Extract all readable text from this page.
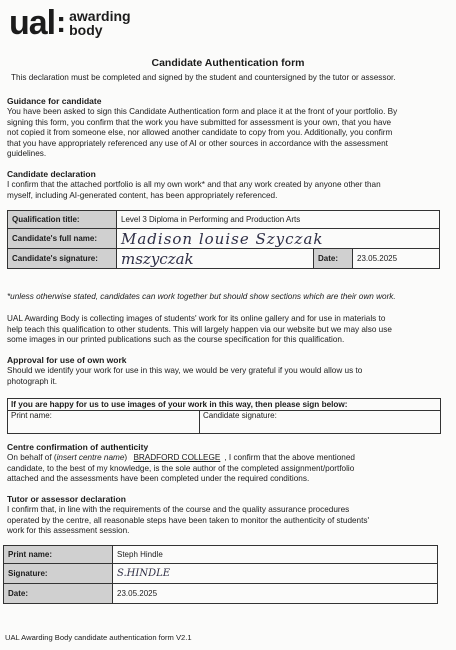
ual : awarding
body
Candidate Authentication form
This declaration must be completed and signed by the student and countersigned by the tutor or assessor.
Guidance for candidate
You have been asked to sign this Candidate Authentication form and place it at the front of your portfolio. By
signing this form, you confirm that the work you have submitted for assessment is your own, that you have
not copied it from someone else, nor allowed another candidate to copy from you. Additionally, you confirm
that you have appropriately referenced any use of AI or other sources in accordance with the assessment
guidelines.
Candidate declaration
I confirm that the attached portfolio is all my own work* and that any work created by anyone other than
myself, including AI-generated content, has been appropriately referenced.
Qualification title:	Level 3 Diploma in Performing and Production Arts		
Candidate's full name:	Madison louise Szyczak		
Candidate's signature:	mszyczak	Date:	23.05.2025
*unless otherwise stated, candidates can work together but should show sections which are their own work.
UAL Awarding Body is collecting images of students' work for its online gallery and for use in materials to
help teach this qualification to other students. This will largely happen via our website but we may also use
some images in our printed publications such as the course specification for this qualification.
Approval for use of own work
Should we identify your work for use in this way, we would be very grateful if you would allow us to
photograph it.
If you are happy for us to use images of your work in this way, then please sign below:
Print name:	Candidate signature:
Centre confirmation of authenticity
On behalf of (insert centre name) BRADFORD COLLEGE , I confirm that the above mentioned
candidate, to the best of my knowledge, is the sole author of the completed assignment/portfolio
attached and the assessments have been completed under the required conditions.
Tutor or assessor declaration
I confirm that, in line with the requirements of the course and the quality assurance procedures
operated by the centre, all reasonable steps have been taken to monitor the authenticity of students'
work for this assessment session.
Print name:	Steph Hindle
Signature:	S.HINDLE
Date:	23.05.2025
UAL Awarding Body candidate authentication form V2.1
